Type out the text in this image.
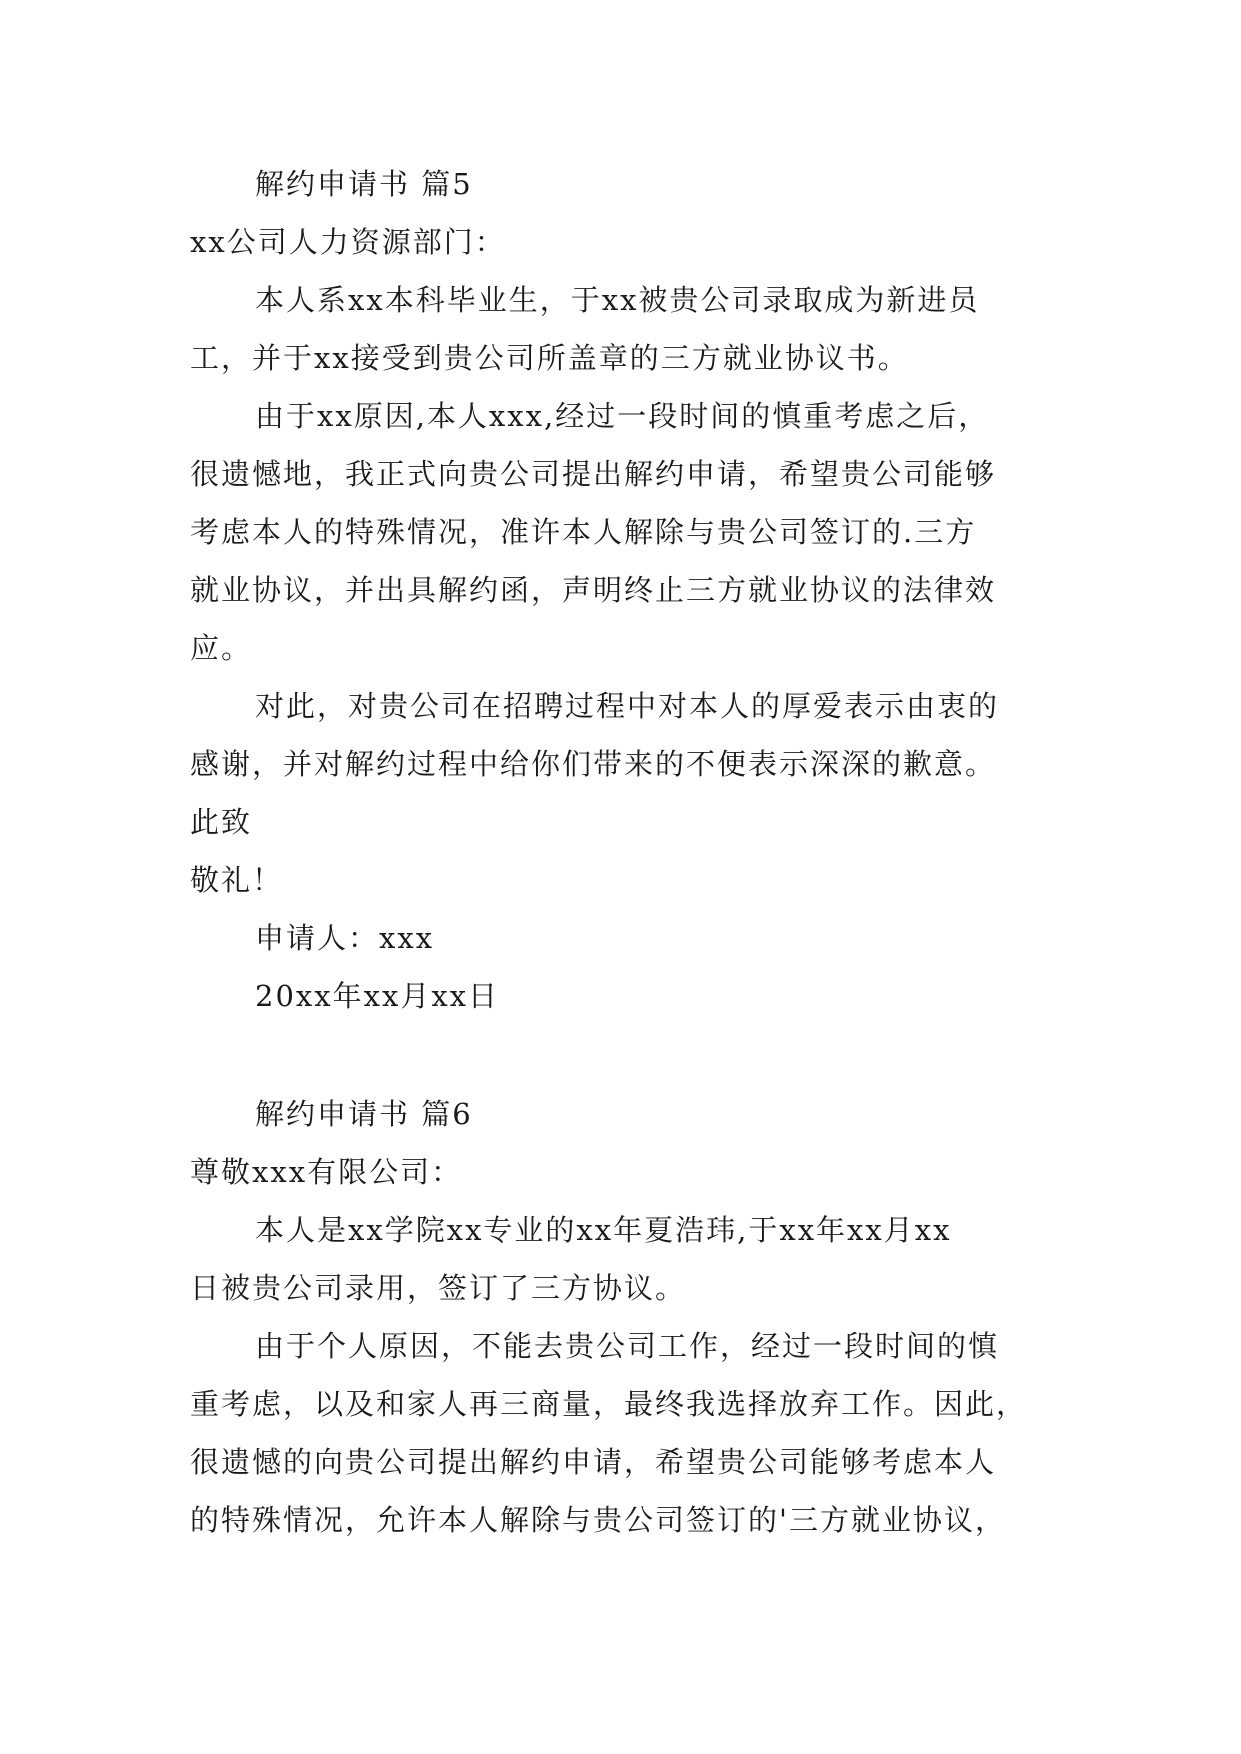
解约申请书 篇5
xx公司人力资源部门：
本人系xx本科毕业生，于xx被贵公司录取成为新进员
工，并于xx接受到贵公司所盖章的三方就业协议书。
由于xx原因,本人xxx,经过一段时间的慎重考虑之后，
很遗憾地，我正式向贵公司提出解约申请，希望贵公司能够
考虑本人的特殊情况，准许本人解除与贵公司签订的.三方
就业协议，并出具解约函，声明终止三方就业协议的法律效
应。
对此，对贵公司在招聘过程中对本人的厚爱表示由衷的
感谢，并对解约过程中给你们带来的不便表示深深的歉意。
此致
敬礼！
申请人：xxx
20xx年xx月xx日
解约申请书 篇6
尊敬xxx有限公司：
本人是xx学院xx专业的xx年夏浩玮,于xx年xx月xx
日被贵公司录用，签订了三方协议。
由于个人原因，不能去贵公司工作，经过一段时间的慎
重考虑，以及和家人再三商量，最终我选择放弃工作。因此，
很遗憾的向贵公司提出解约申请，希望贵公司能够考虑本人
的特殊情况，允许本人解除与贵公司签订的'三方就业协议，
